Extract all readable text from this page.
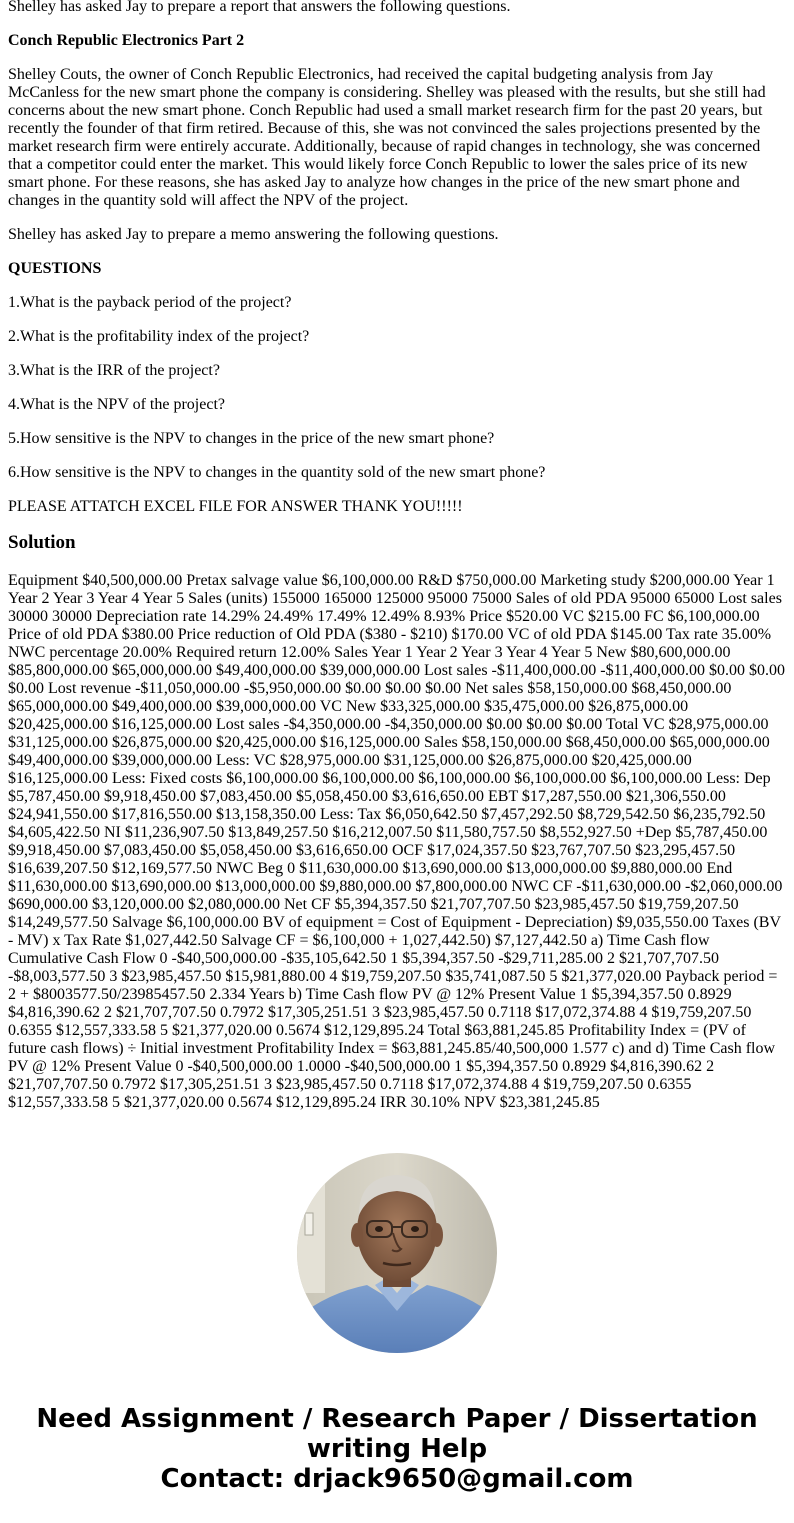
Shelley has asked Jay to prepare a report that answers the following questions.

Conch Republic Electronics Part 2

Shelley Couts, the owner of Conch Republic Electronics, had received the capital budgeting analysis from Jay McCanless for the new smart phone the company is considering. Shelley was pleased with the results, but she still had concerns about the new smart phone. Conch Republic had used a small market research firm for the past 20 years, but recently the founder of that firm retired. Because of this, she was not convinced the sales projections presented by the market research firm were entirely accurate. Additionally, because of rapid changes in technology, she was concerned that a competitor could enter the market. This would likely force Conch Republic to lower the sales price of its new smart phone. For these reasons, she has asked Jay to analyze how changes in the price of the new smart phone and changes in the quantity sold will affect the NPV of the project.

Shelley has asked Jay to prepare a memo answering the following questions.

QUESTIONS

1.What is the payback period of the project?

2.What is the profitability index of the project?

3.What is the IRR of the project?

4.What is the NPV of the project?

5.How sensitive is the NPV to changes in the price of the new smart phone?

6.How sensitive is the NPV to changes in the quantity sold of the new smart phone?

PLEASE ATTATCH EXCEL FILE FOR ANSWER THANK YOU!!!!!

Solution

Equipment $40,500,000.00 Pretax salvage value $6,100,000.00 R&D $750,000.00 Marketing study $200,000.00 Year 1 Year 2 Year 3 Year 4 Year 5 Sales (units) 155000 165000 125000 95000 75000 Sales of old PDA 95000 65000 Lost sales 30000 30000 Depreciation rate 14.29% 24.49% 17.49% 12.49% 8.93% Price $520.00 VC $215.00 FC $6,100,000.00 Price of old PDA $380.00 Price reduction of Old PDA ($380 - $210) $170.00 VC of old PDA $145.00 Tax rate 35.00% NWC percentage 20.00% Required return 12.00% Sales Year 1 Year 2 Year 3 Year 4 Year 5 New $80,600,000.00 $85,800,000.00 $65,000,000.00 $49,400,000.00 $39,000,000.00 Lost sales -$11,400,000.00 -$11,400,000.00 $0.00 $0.00 $0.00 Lost revenue -$11,050,000.00 -$5,950,000.00 $0.00 $0.00 $0.00 Net sales $58,150,000.00 $68,450,000.00 $65,000,000.00 $49,400,000.00 $39,000,000.00 VC New $33,325,000.00 $35,475,000.00 $26,875,000.00 $20,425,000.00 $16,125,000.00 Lost sales -$4,350,000.00 -$4,350,000.00 $0.00 $0.00 $0.00 Total VC $28,975,000.00 $31,125,000.00 $26,875,000.00 $20,425,000.00 $16,125,000.00 Sales $58,150,000.00 $68,450,000.00 $65,000,000.00 $49,400,000.00 $39,000,000.00 Less: VC $28,975,000.00 $31,125,000.00 $26,875,000.00 $20,425,000.00 $16,125,000.00 Less: Fixed costs $6,100,000.00 $6,100,000.00 $6,100,000.00 $6,100,000.00 $6,100,000.00 Less: Dep $5,787,450.00 $9,918,450.00 $7,083,450.00 $5,058,450.00 $3,616,650.00 EBT $17,287,550.00 $21,306,550.00 $24,941,550.00 $17,816,550.00 $13,158,350.00 Less: Tax $6,050,642.50 $7,457,292.50 $8,729,542.50 $6,235,792.50 $4,605,422.50 NI $11,236,907.50 $13,849,257.50 $16,212,007.50 $11,580,757.50 $8,552,927.50 +Dep $5,787,450.00 $9,918,450.00 $7,083,450.00 $5,058,450.00 $3,616,650.00 OCF $17,024,357.50 $23,767,707.50 $23,295,457.50 $16,639,207.50 $12,169,577.50 NWC Beg 0 $11,630,000.00 $13,690,000.00 $13,000,000.00 $9,880,000.00 End $11,630,000.00 $13,690,000.00 $13,000,000.00 $9,880,000.00 $7,800,000.00 NWC CF -$11,630,000.00 -$2,060,000.00 $690,000.00 $3,120,000.00 $2,080,000.00 Net CF $5,394,357.50 $21,707,707.50 $23,985,457.50 $19,759,207.50 $14,249,577.50 Salvage $6,100,000.00 BV of equipment = Cost of Equipment - Depreciation) $9,035,550.00 Taxes (BV - MV) x Tax Rate $1,027,442.50 Salvage CF = $6,100,000 + 1,027,442.50) $7,127,442.50 a) Time Cash flow Cumulative Cash Flow 0 -$40,500,000.00 -$35,105,642.50 1 $5,394,357.50 -$29,711,285.00 2 $21,707,707.50 -$8,003,577.50 3 $23,985,457.50 $15,981,880.00 4 $19,759,207.50 $35,741,087.50 5 $21,377,020.00 Payback period = 2 + $8003577.50/23985457.50 2.334 Years b) Time Cash flow PV @ 12% Present Value 1 $5,394,357.50 0.8929 $4,816,390.62 2 $21,707,707.50 0.7972 $17,305,251.51 3 $23,985,457.50 0.7118 $17,072,374.88 4 $19,759,207.50 0.6355 $12,557,333.58 5 $21,377,020.00 0.5674 $12,129,895.24 Total $63,881,245.85 Profitability Index = (PV of future cash flows) ÷ Initial investment Profitability Index = $63,881,245.85/40,500,000 1.577 c) and d) Time Cash flow PV @ 12% Present Value 0 -$40,500,000.00 1.0000 -$40,500,000.00 1 $5,394,357.50 0.8929 $4,816,390.62 2 $21,707,707.50 0.7972 $17,305,251.51 3 $23,985,457.50 0.7118 $17,072,374.88 4 $19,759,207.50 0.6355 $12,557,333.58 5 $21,377,020.00 0.5674 $12,129,895.24 IRR 30.10% NPV $23,381,245.85

Need Assignment / Research Paper / Dissertation
writing Help
Contact: drjack9650@gmail.com
